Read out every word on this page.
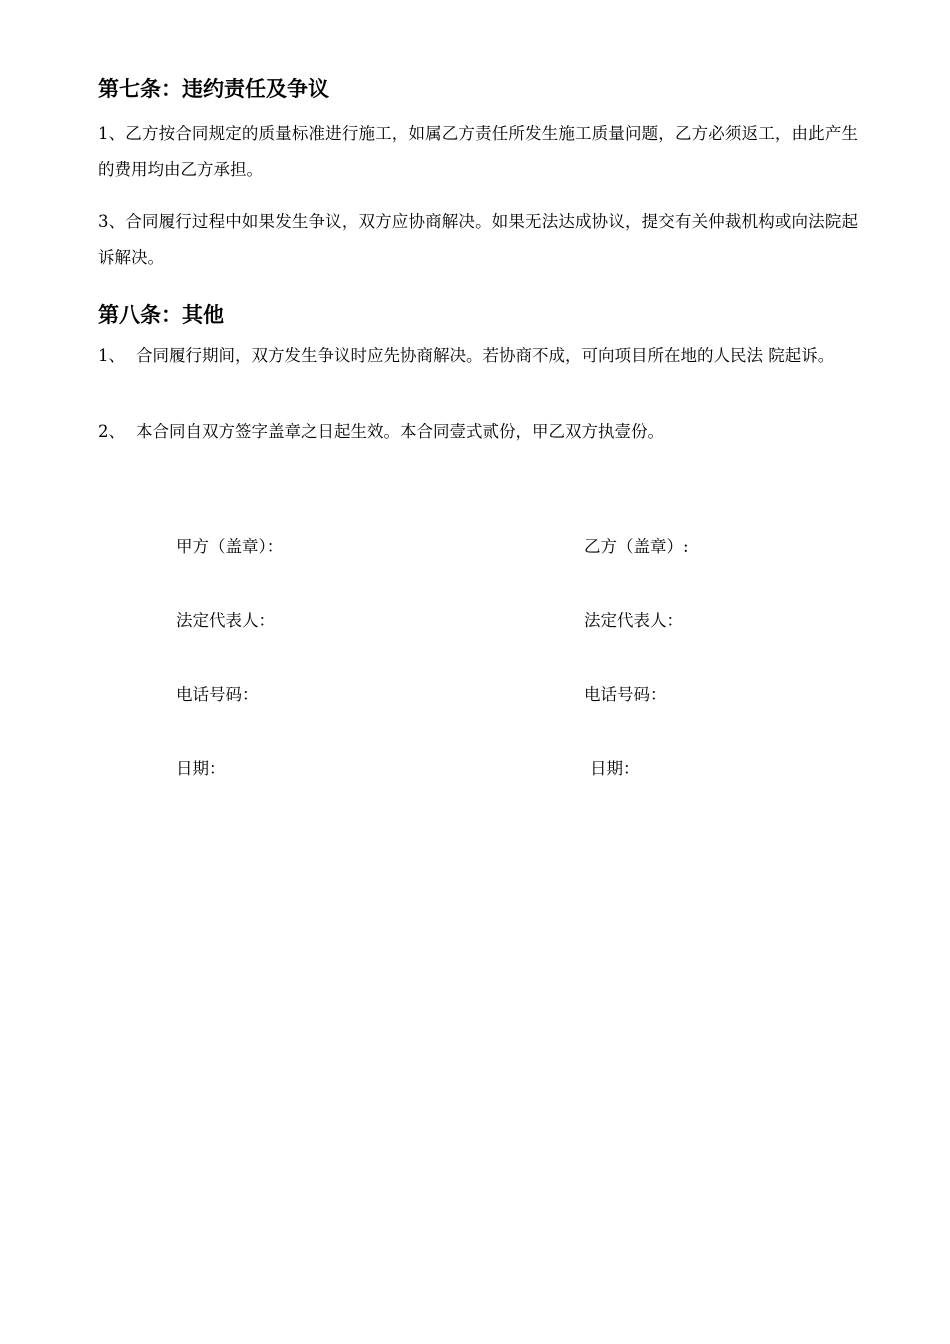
第七条：违约责任及争议

1、乙方按合同规定的质量标准进行施工，如属乙方责任所发生施工质量问题，乙方必须返工，由此产生的费用均由乙方承担。

3、合同履行过程中如果发生争议，双方应协商解决。如果无法达成协议，提交有关仲裁机构或向法院起诉解决。

第八条：其他

1、 合同履行期间，双方发生争议时应先协商解决。若协商不成，可向项目所在地的人民法 院起诉。

2、 本合同自双方签字盖章之日起生效。本合同壹式贰份，甲乙双方执壹份。

甲方（盖章）：	乙方（盖章）:
法定代表人：	法定代表人：
电话号码：	电话号码：
日期：	日期：
